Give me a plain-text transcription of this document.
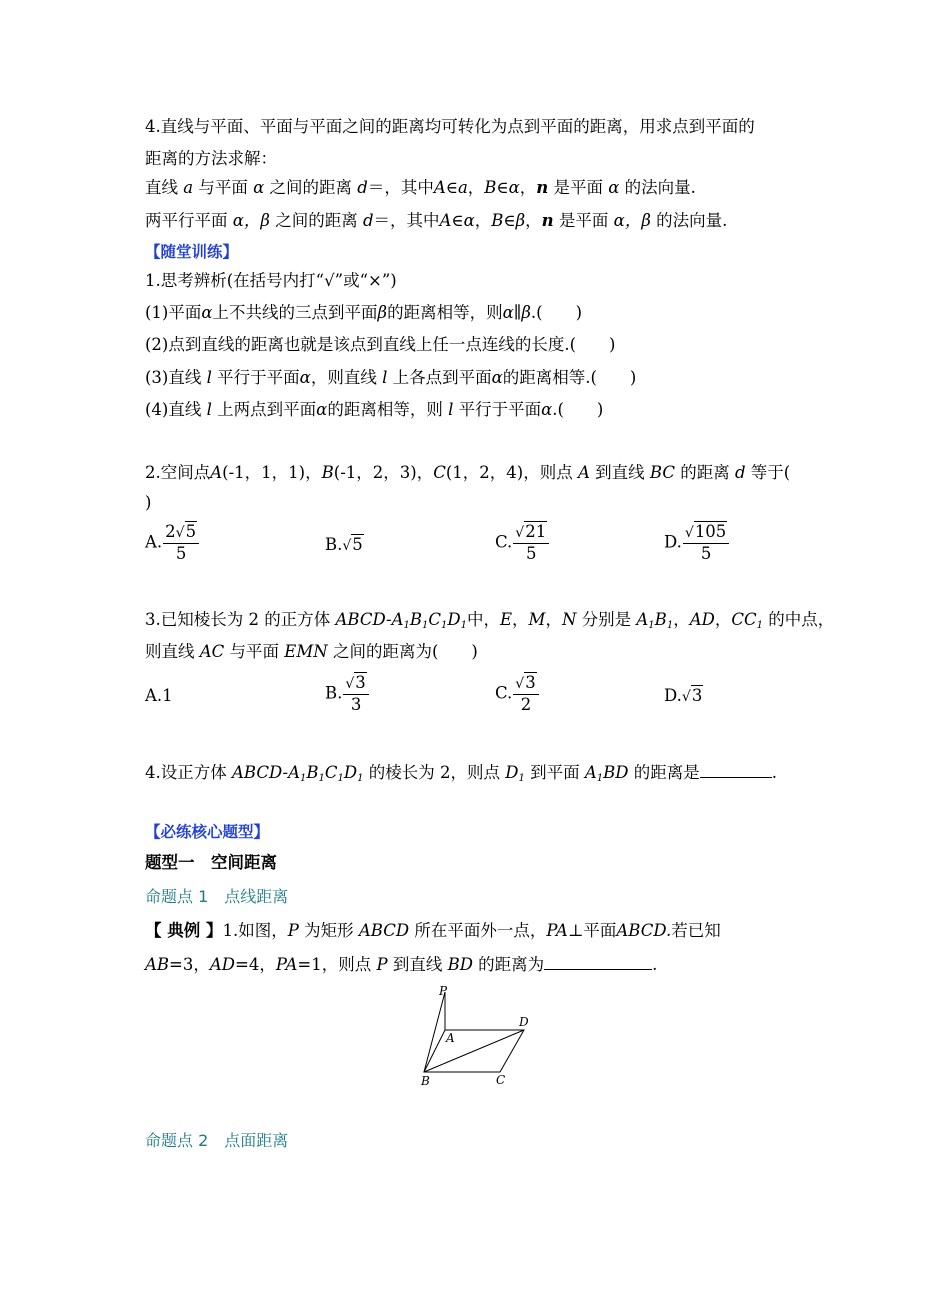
4.直线与平面、平面与平面之间的距离均可转化为点到平面的距离，用求点到平面的
距离的方法求解：
直线 a 与平面 α 之间的距离 d＝，其中A∈a，B∈α，n 是平面 α 的法向量.
两平行平面 α，β 之间的距离 d＝，其中A∈α，B∈β，n 是平面 α，β 的法向量.
【随堂训练】
1.思考辨析(在括号内打“√”或“×”)
(1)平面α上不共线的三点到平面β的距离相等，则α∥β.(　　)
(2)点到直线的距离也就是该点到直线上任一点连线的长度.(　　)
(3)直线 l 平行于平面α，则直线 l 上各点到平面α的距离相等.(　　)
(4)直线 l 上两点到平面α的距离相等，则 l 平行于平面α.(　　)
2.空间点A(-1，1，1)，B(-1，2，3)，C(1，2，4)，则点 A 到直线 BC 的距离 d 等于(
)
A. $\frac{2√5}{5}$	B.√5	C. $\frac{√21}{5}$	D. $\frac{√105}{5}$
3.已知棱长为 2 的正方体 ABCD-$A_1B_1C_1D_1$中，E，M，N 分别是 $A_1B_1$，AD，$CC_1$ 的中点，
则直线 AC 与平面 EMN 之间的距离为(　　)
A.1	B. $\frac{√3}{3}$	C. $\frac{√3}{2}$	D.√3
4.设正方体 ABCD-$A_1B_1C_1D_1$ 的棱长为 2，则点 $D_1$ 到平面 $A_1BD$ 的距离是	.
【必练核心题型】
题型一　空间距离
命题点 1　点线距离
【 典例 】1.如图，P 为矩形 ABCD 所在平面外一点，PA⊥平面ABCD.若已知
AB=3，AD=4，PA=1，则点 P 到直线 BD 的距离为	.
P
A
D
B	C
命题点 2　点面距离
